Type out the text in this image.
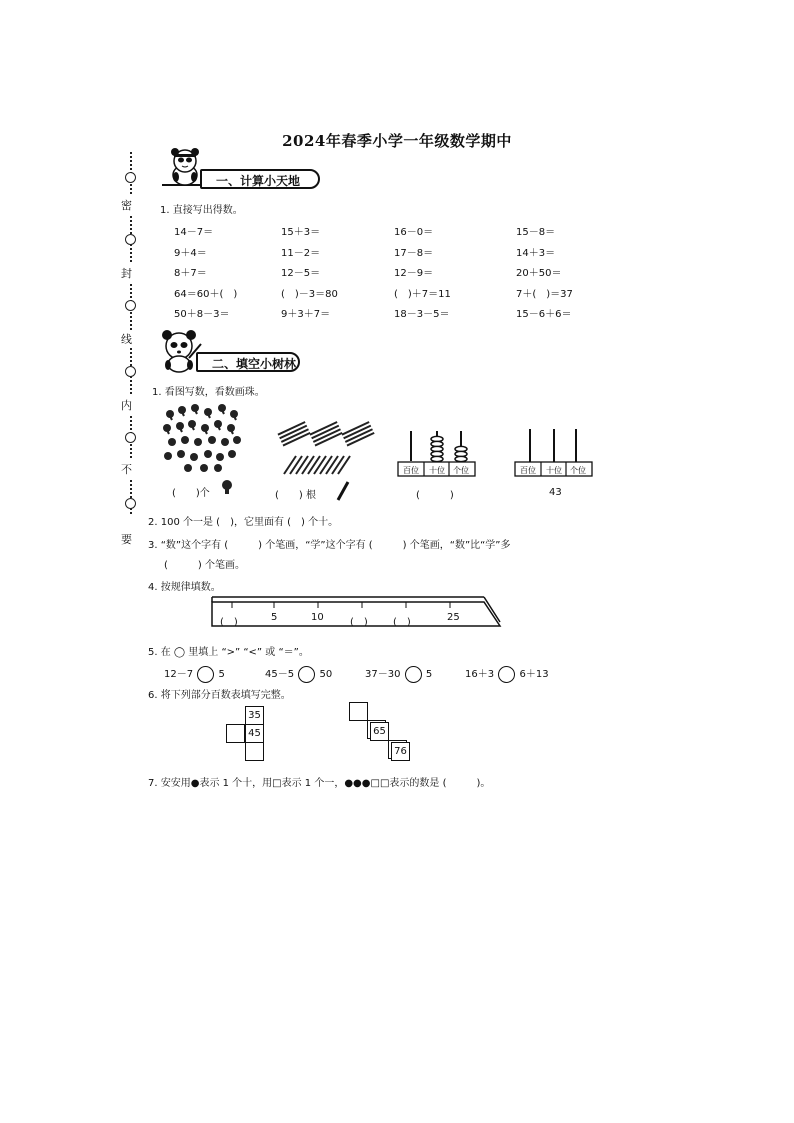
2024年春季小学一年级数学期中
密
封
线
内
不
要
一、计算小天地
1. 直接写出得数。
14－7＝	15＋3＝	16－0＝	15－8＝
9＋4＝	11－2＝	17－8＝	14＋3＝
8＋7＝	12－5＝	12－9＝	20＋50＝
64＝60＋(　)	(　)－3＝80	(　)＋7＝11	7＋(　)＝37
50＋8－3＝	9＋3＋7＝	18－3－5＝	15－6＋6＝
二、填空小树林
1. 看图写数，看数画珠。
(　　)个	(　　) 根
百位 十位 个位
(　　　)
百位 十位 个位
43
2. 100 个一是 (　)，它里面有 (　) 个十。
3. “数”这个字有 (　　　) 个笔画，“学”这个字有 (　　　) 个笔画，“数”比“学”多
(　　　) 个笔画。
4. 按规律填数。
(　)	5	10	(　)	(　)	25
5. 在 ◯ 里填上 “>” “<” 或 “＝”。
12－7	5	45－5	50	37－30	5	16＋3	6＋13
6. 将下列部分百数表填写完整。
35
45	65
76
7. 安安用●表示 1 个十，用□表示 1 个一，●●●□□表示的数是 (　　　)。
